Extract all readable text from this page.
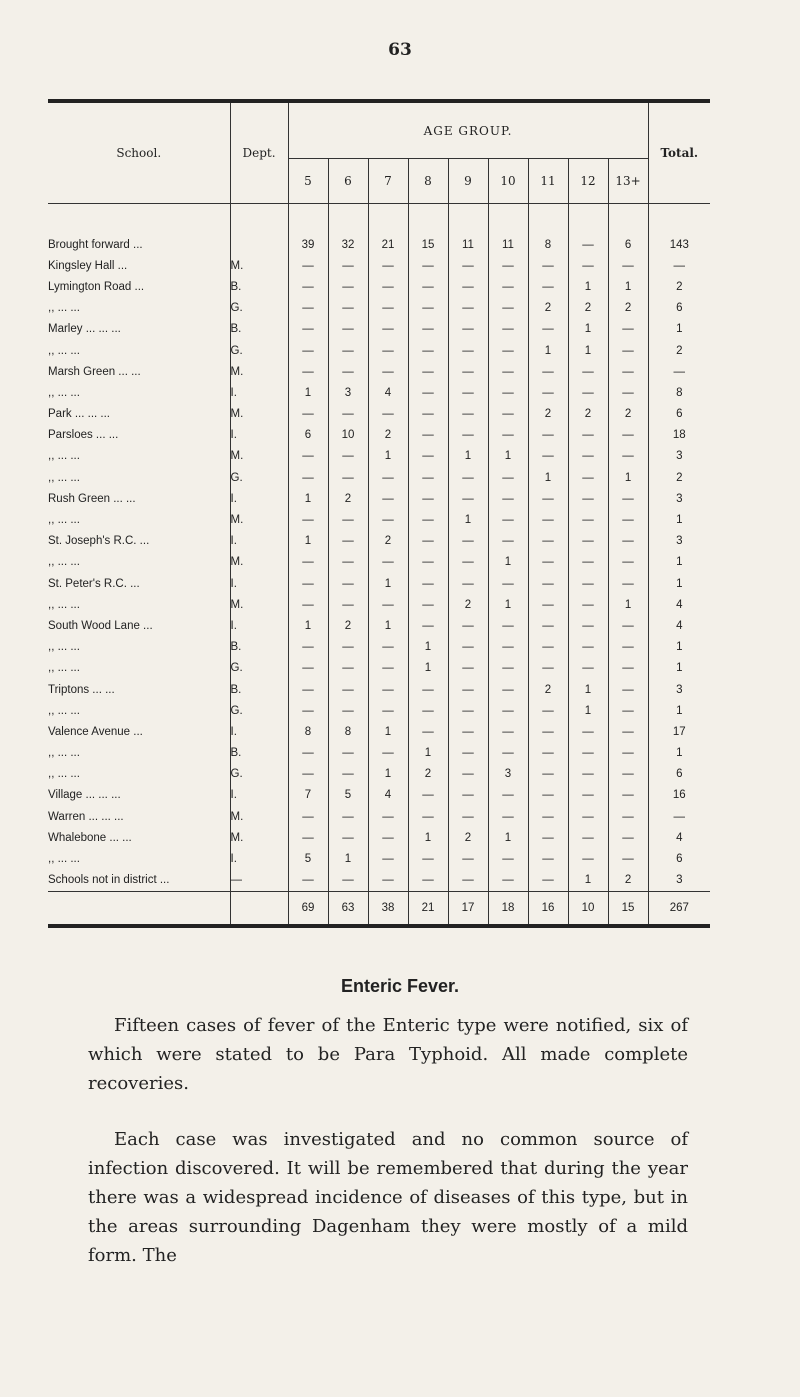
63
School.	Dept.	AGE GROUP.									Total.
		5	6	7	8	9	10	11	12	13+	

Brought forward ...		39	32	21	15	11	11	8	—	6	143
Kingsley Hall ...	M.	—	—	—	—	—	—	—	—	—	—
Lymington Road ...	B.	—	—	—	—	—	—	—	1	1	2
,, ... ...	G.	—	—	—	—	—	—	2	2	2	6
Marley ... ... ...	B.	—	—	—	—	—	—	—	1	—	1
,, ... ...	G.	—	—	—	—	—	—	1	1	—	2
Marsh Green ... ...	M.	—	—	—	—	—	—	—	—	—	—
,, ... ...	I.	1	3	4	—	—	—	—	—	—	8
Park ... ... ...	M.	—	—	—	—	—	—	2	2	2	6
Parsloes ... ...	I.	6	10	2	—	—	—	—	—	—	18
,, ... ...	M.	—	—	1	—	1	1	—	—	—	3
,, ... ...	G.	—	—	—	—	—	—	1	—	1	2
Rush Green ... ...	I.	1	2	—	—	—	—	—	—	—	3
,, ... ...	M.	—	—	—	—	1	—	—	—	—	1
St. Joseph's R.C. ...	I.	1	—	2	—	—	—	—	—	—	3
,, ... ...	M.	—	—	—	—	—	1	—	—	—	1
St. Peter's R.C. ...	I.	—	—	1	—	—	—	—	—	—	1
,, ... ...	M.	—	—	—	—	2	1	—	—	1	4
South Wood Lane ...	I.	1	2	1	—	—	—	—	—	—	4
,, ... ...	B.	—	—	—	1	—	—	—	—	—	1
,, ... ...	G.	—	—	—	1	—	—	—	—	—	1
Triptons ... ...	B.	—	—	—	—	—	—	2	1	—	3
,, ... ...	G.	—	—	—	—	—	—	—	1	—	1
Valence Avenue ...	I.	8	8	1	—	—	—	—	—	—	17
,, ... ...	B.	—	—	—	1	—	—	—	—	—	1
,, ... ...	G.	—	—	1	2	—	3	—	—	—	6
Village ... ... ...	I.	7	5	4	—	—	—	—	—	—	16
Warren ... ... ...	M.	—	—	—	—	—	—	—	—	—	—
Whalebone ... ...	M.	—	—	—	1	2	1	—	—	—	4
,, ... ...	I.	5	1	—	—	—	—	—	—	—	6
Schools not in district ...	—	—	—	—	—	—	—	—	1	2	3
		69	63	38	21	17	18	16	10	15	267
Enteric Fever.

Fifteen cases of fever of the Enteric type were notified, six of which were stated to be Para Typhoid. All made complete recoveries.

Each case was investigated and no common source of infection discovered. It will be remembered that during the year there was a widespread incidence of diseases of this type, but in the areas surrounding Dagenham they were mostly of a mild form. The
